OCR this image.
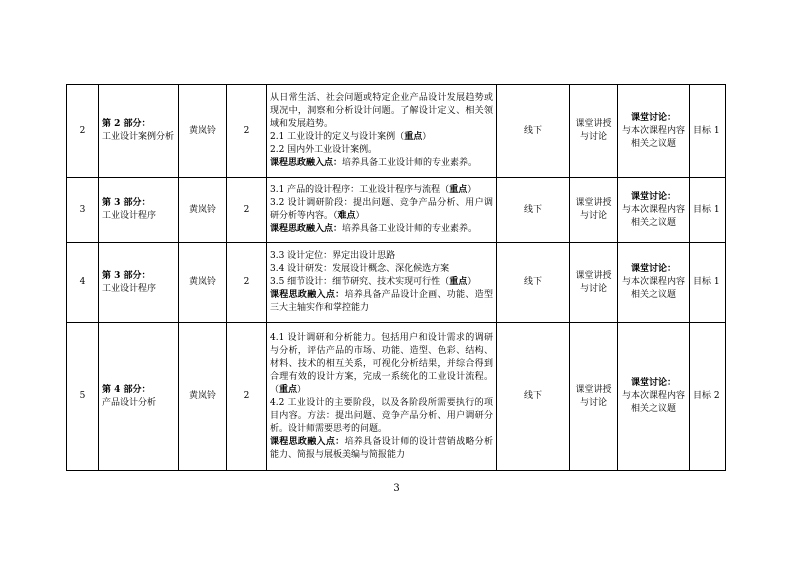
2	第 2 部分：
工业设计案例分析	黄岚铃	2	从日常生活、社会问题或特定企业产品设计发展趋势或现况中，洞察和分析设计问题。了解设计定义、相关领域和发展趋势。
2.1 工业设计的定义与设计案例（重点）
2.2 国内外工业设计案例。
课程思政融入点：培养具备工业设计师的专业素养。	线下	课堂讲授与讨论	课堂讨论：
与本次课程内容相关之议题	目标 1
3	第 3 部分：
工业设计程序	黄岚铃	2	3.1 产品的设计程序：工业设计程序与流程（重点）
3.2 设计调研阶段：提出问题、竞争产品分析、用户调研分析等内容。（难点）
课程思政融入点：培养具备工业设计师的专业素养。	线下	课堂讲授与讨论	课堂讨论：
与本次课程内容相关之议题	目标 1
4	第 3 部分：
工业设计程序	黄岚铃	2	3.3 设计定位：界定出设计思路
3.4 设计研发：发展设计概念、深化候选方案
3.5 细节设计：细节研究、技术实现可行性（重点）
课程思政融入点：培养具备产品设计企画、功能、造型三大主轴实作和掌控能力	线下	课堂讲授与讨论	课堂讨论：
与本次课程内容相关之议题	目标 1
5	第 4 部分：
产品设计分析	黄岚铃	2	4.1 设计调研和分析能力。包括用户和设计需求的调研与分析，评估产品的市场、功能、造型、色彩、结构、材料、技术的相互关系，可视化分析结果，并综合得到合理有效的设计方案，完成一系统化的工业设计流程。（重点）
4.2 工业设计的主要阶段，以及各阶段所需要执行的项目内容。方法：提出问题、竞争产品分析、用户调研分析。设计师需要思考的问题。
课程思政融入点：培养具备设计师的设计营销战略分析能力、简报与展板美编与简报能力	线下	课堂讲授与讨论	课堂讨论：
与本次课程内容相关之议题	目标 2
3
